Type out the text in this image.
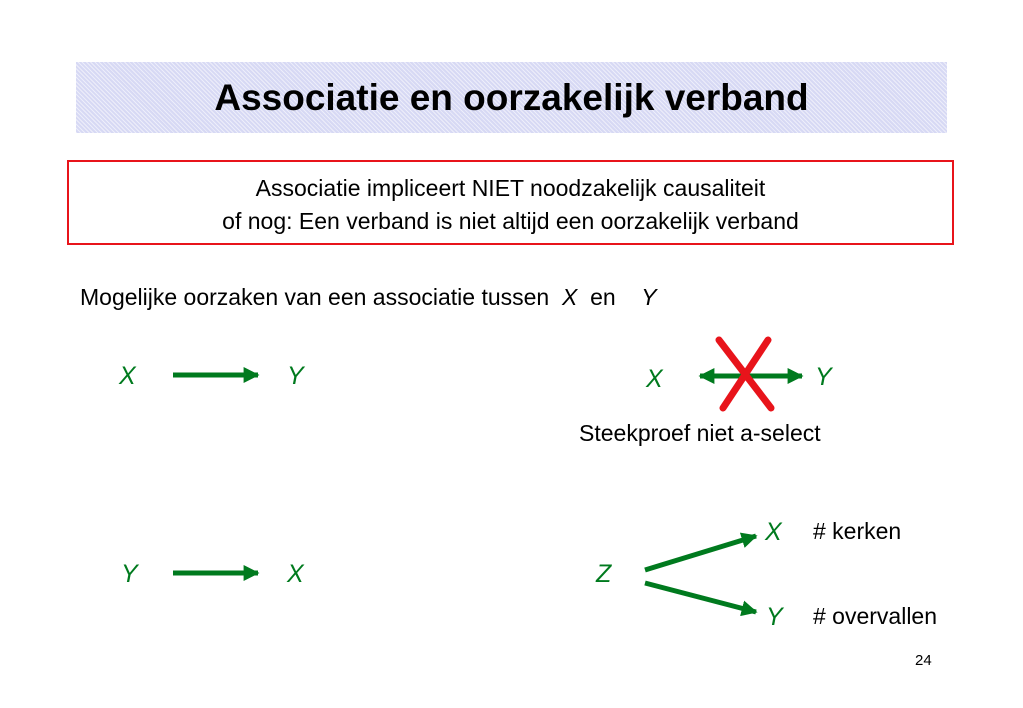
Associatie en oorzakelijk verband
Associatie impliceert NIET noodzakelijk causaliteit
of nog: Een verband is niet altijd een oorzakelijk verband
Mogelijke oorzaken van een associatie tussen X en Y
X	Y	X	Y
Steekproef niet a-select
Y	X	Z
X # kerken
Y # overvallen
24
